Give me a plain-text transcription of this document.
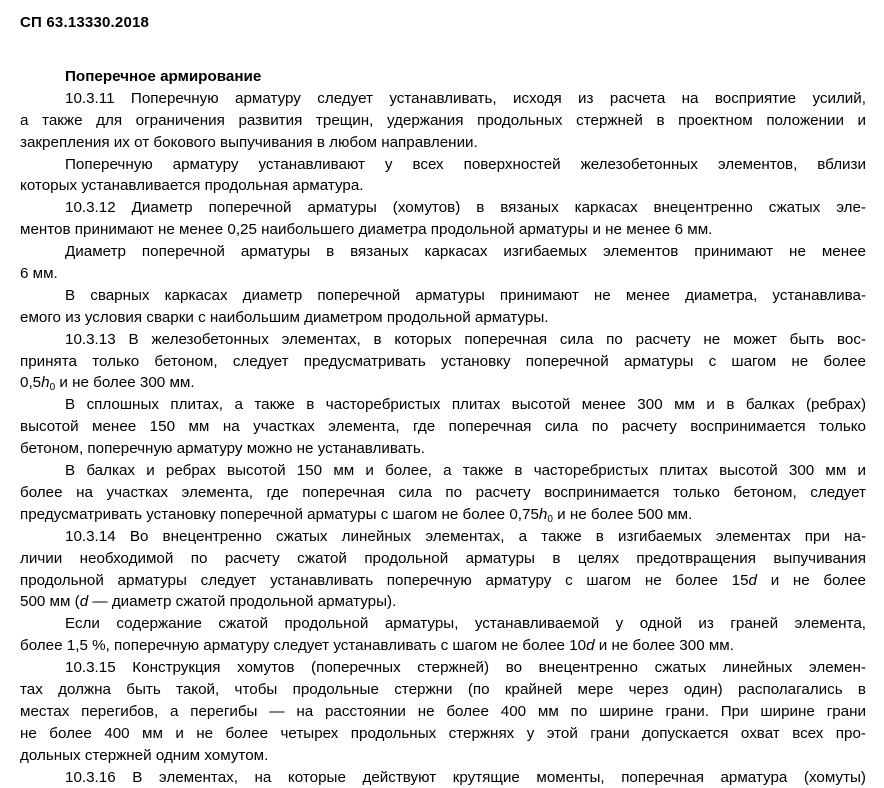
СП 63.13330.2018
Поперечное армирование
10.3.11 Поперечную арматуру следует устанавливать, исходя из расчета на восприятие усилий,
а также для ограничения развития трещин, удержания продольных стержней в проектном положении и
закрепления их от бокового выпучивания в любом направлении.
Поперечную арматуру устанавливают у всех поверхностей железобетонных элементов, вблизи
которых устанавливается продольная арматура.
10.3.12 Диаметр поперечной арматуры (хомутов) в вязаных каркасах внецентренно сжатых эле-
ментов принимают не менее 0,25 наибольшего диаметра продольной арматуры и не менее 6 мм.
Диаметр поперечной арматуры в вязаных каркасах изгибаемых элементов принимают не менее
6 мм.
В сварных каркасах диаметр поперечной арматуры принимают не менее диаметра, устанавлива-
емого из условия сварки с наибольшим диаметром продольной арматуры.
10.3.13 В железобетонных элементах, в которых поперечная сила по расчету не может быть вос-
принята только бетоном, следует предусматривать установку поперечной арматуры с шагом не более
$0,5h_0$ и не более 300 мм.
В сплошных плитах, а также в часторебристых плитах высотой менее 300 мм и в балках (ребрах)
высотой менее 150 мм на участках элемента, где поперечная сила по расчету воспринимается только
бетоном, поперечную арматуру можно не устанавливать.
В балках и ребрах высотой 150 мм и более, а также в часторебристых плитах высотой 300 мм и
более на участках элемента, где поперечная сила по расчету воспринимается только бетоном, следует
предусматривать установку поперечной арматуры с шагом не более $0,75h_0$ и не более 500 мм.
10.3.14 Во внецентренно сжатых линейных элементах, а также в изгибаемых элементах при на-
личии необходимой по расчету сжатой продольной арматуры в целях предотвращения выпучивания
продольной арматуры следует устанавливать поперечную арматуру с шагом не более 15d и не более
500 мм (d — диаметр сжатой продольной арматуры).
Если содержание сжатой продольной арматуры, устанавливаемой у одной из граней элемента,
более 1,5 %, поперечную арматуру следует устанавливать с шагом не более 10d и не более 300 мм.
10.3.15 Конструкция хомутов (поперечных стержней) во внецентренно сжатых линейных элемен-
тах должна быть такой, чтобы продольные стержни (по крайней мере через один) располагались в
местах перегибов, а перегибы — на расстоянии не более 400 мм по ширине грани. При ширине грани
не более 400 мм и не более четырех продольных стержнях у этой грани допускается охват всех про-
дольных стержней одним хомутом.
10.3.16 В элементах, на которые действуют крутящие моменты, поперечная арматура (хомуты)
